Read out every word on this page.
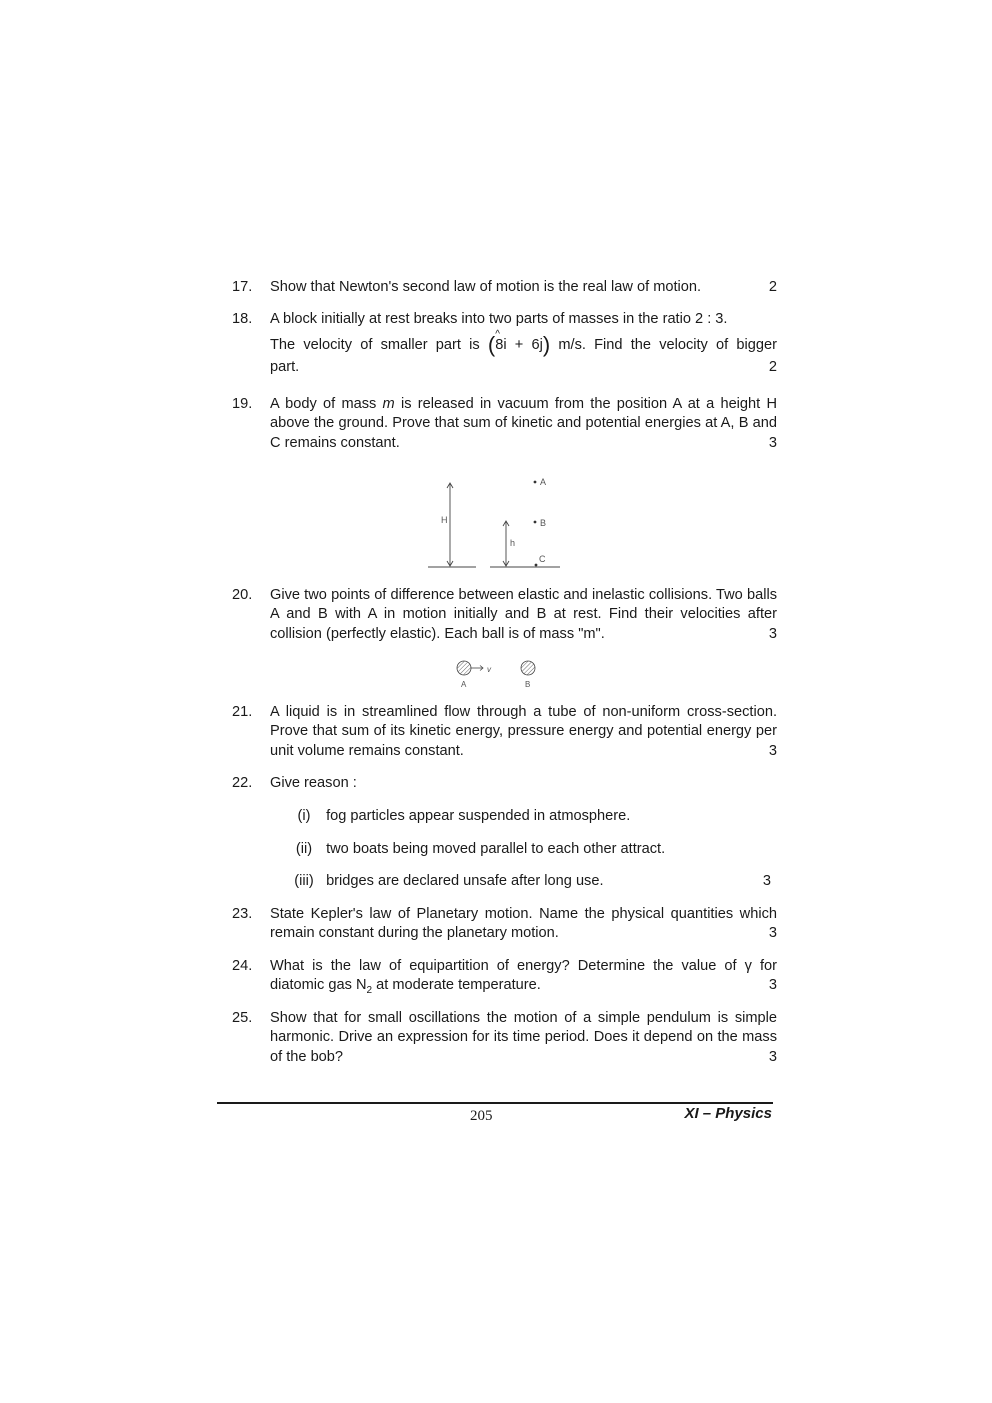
17. Show that Newton's second law of motion is the real law of motion.	2
18. A block initially at rest breaks into two parts of masses in the ratio 2 : 3.
The velocity of smaller part is (8i ^ + 6j) m/s. Find the velocity of bigger
part.	2
19. A body of mass m is released in vacuum from the position A at a height H above the ground. Prove that sum of kinetic and potential energies at A, B and C remains constant.	3
H
h
A
B
C
20. Give two points of difference between elastic and inelastic collisions. Two balls A and B with A in motion initially and B at rest. Find their velocities after collision (perfectly elastic). Each ball is of mass "m".	3
v
A	B
21. A liquid is in streamlined flow through a tube of non-uniform cross-section. Prove that sum of its kinetic energy, pressure energy and potential energy per unit volume remains constant.	3
22. Give reason :
(i) fog particles appear suspended in atmosphere.
(ii) two boats being moved parallel to each other attract.
(iii) bridges are declared unsafe after long use.	3
23. State Kepler's law of Planetary motion. Name the physical quantities which remain constant during the planetary motion.	3
24. What is the law of equipartition of energy? Determine the value of γ for diatomic gas $N_2$ at moderate temperature.	3
25. Show that for small oscillations the motion of a simple pendulum is simple harmonic. Drive an expression for its time period. Does it depend on the mass of the bob?	3
205	XI – Physics
